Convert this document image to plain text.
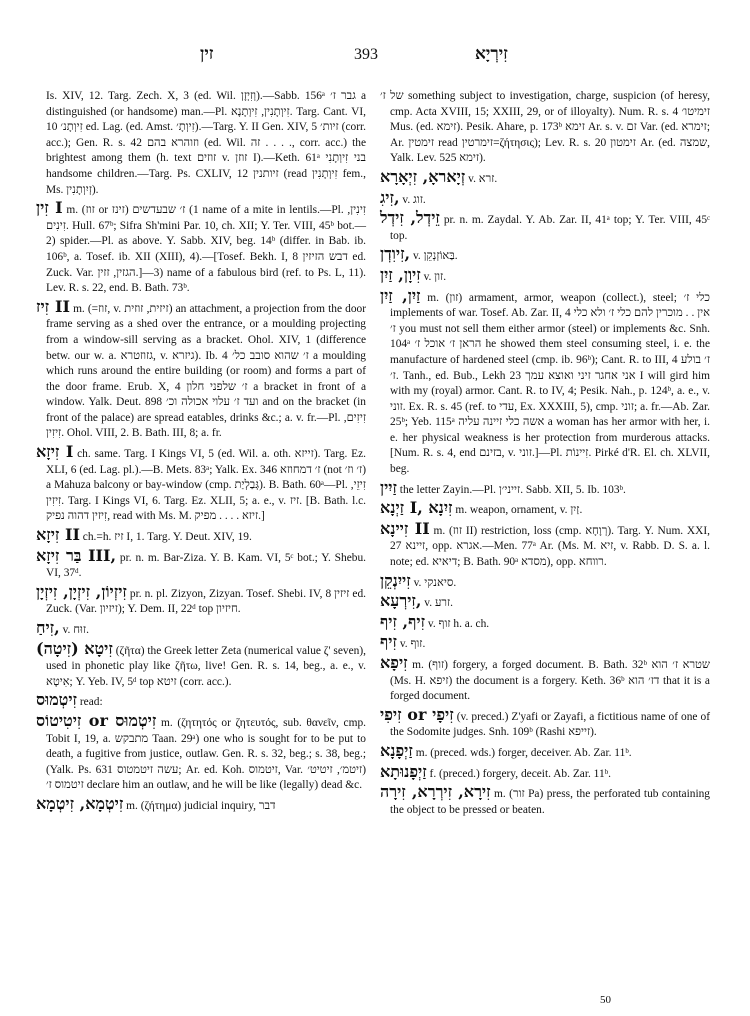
זין	393	זִירְיָא

Is. XIV, 12. Targ. Zech. X, 3 (ed. Wil. וְזִיְזָן).—Sabb. 156ᵃ גבר ז׳ a distinguished (or handsome) man.—Pl. זִיוְתָנִין, זִיוְתָנָא. Targ. Cant. VI, 10 זִיוְתָנ׳ ed. Lag. (ed. Amst. זִיוְתָ׳).—Targ. Y. II Gen. XIV, 5 זיות׳ (corr. acc.); Gen. R. s. 42 וזוהרא בהם (ed. Wil. זה . . . ., corr. acc.) the brightest among them (h. text זוזים v. זוזן I).—Keth. 61ᵃ בני זִיוְתָנִי handsome children.—Targ. Ps. CXLIV, 12 זיותנין (read זִיוְתָנִין fem., Ms. זְיִוְתָנִין).

זִין I m. (זוז or זינז) 1) ז׳ שבעדשים name of a mite in lentils.—Pl. זִינִין, זִינִים. Hull. 67ᵇ; Sifra Sh'mini Par. 10, ch. XII; Y. Ter. VIII, 45ᵇ bot.—2) spider.—Pl. as above. Y. Sabb. XIV, beg. 14ᵇ (differ. in Bab. ib. 106ᵇ, a. Tosef. ib. XII (XIII), 4).—[Tosef. Bekh. I, 8 דבש הזיזין ed. Zuck. Var. הגזין, זזין.]—3) name of a fabulous bird (ref. to Ps. L, 11). Lev. R. s. 22, end. B. Bath. 73ᵇ.

זִיז II m. (=זוז, v. זיזית, זוזית) an attachment, a projection from the door frame serving as a shed over the entrance, or a moulding projecting from a window-sill serving as a bracket. Ohol. XIV, 1 (difference betw. our w. a. גזוזטרא, v. גיזרא). Ib. 4 ז׳ שהוא סובב כל׳ a moulding which runs around the entire building (or room) and forms a part of the door frame. Erub. X, 4 ז׳ שלפני חלון a bracket in front of a window. Yalk. Deut. 898 ועד ז׳ עלוי אכולה וכ׳ and on the bracket (in front of the palace) are spread eatables, drinks &c.; a. v. fr.—Pl. זִיזִים, זִיזִין. Ohol. VIII, 2. B. Bath. III, 8; a. fr.

זִיזָא I ch. same. Targ. I Kings VI, 5 (ed. Wil. a. oth. זייזא). Targ. Ez. XLI, 6 (ed. Lag. pl.).—B. Mets. 83ᵃ; Yalk. Ex. 346 ז׳ דמחוזא (not ז׳ וז׳) a Mahuza balcony or bay-window (cmp. גְּבַלְיַת). B. Bath. 60ᵃ—Pl. זִיזֵי, זִיזִין. Targ. I Kings VI, 6. Targ. Ez. XLII, 5; a. e., v. זיז. [B. Bath. l.c. זִיזין דהוה נפיק, read with Ms. M. זיזא . . . . מפיק.]

זִיזָא II ch.=h. זיז I, 1. Targ. Y. Deut. XIV, 19.

בַּר זִיזָא III, pr. n. m. Bar-Ziza. Y. B. Kam. VI, 5ᶜ bot.; Y. Shebu. VI, 37ᵈ.

זִיזְיוֹן, זִיזְיָן, זִיזְיָן pr. n. pl. Zizyon, Zizyan. Tosef. Shebi. IV, 8 זיזין ed. Zuck. (Var. זיזיון); Y. Dem. II, 22ᵈ top חיזיון.

זִיחַ, v. זוּח.

זִיטָא (זִיטָה) (ζῆτα) the Greek letter Zeta (numerical value ζ' seven), used in phonetic play like ζῆτω, live! Gen. R. s. 14, beg., a. e., v. אִיטָא; Y. Yeb. IV, 5ᵈ top זיטא (corr. acc.).

זִיטְמוּס read:

זִיטִיטוֹס or זִיטְמוּס m. (ζητητός or ζητευτός, sub. θανεῖν, cmp. Tobit I, 19, a. מתבקש Taan. 29ᵃ) one who is sought for to be put to death, a fugitive from justice, outlaw. Gen. R. s. 32, beg.; s. 38, beg.; (Yalk. Ps. 631 עשה זיטמטוס; Ar. ed. Koh. זיטמוס, Var. זיטמ׳, זיטיט׳) זיטמוס ז׳ declare him an outlaw, and he will be like (legally) dead &c.

זִיטְמָא, זִיטְמָא m. (ζήτημα) judicial inquiry, דבר

של ז׳ something subject to investigation, charge, suspicion (of heresy, cmp. Acta XVIII, 15; XXIII, 29, or of illoyalty). Num. R. s. 4 זימיטו׳ Mus. (ed. זימא). Pesik. Ahare, p. 173ᵇ זימא Ar. s. v. זם Var. (ed. זימרא; Ar. זימטין read זימרטין=ζήτησις); Lev. R. s. 20 זימטון Ar. (ed. שמצה, Yalk. Lev. 525 זימא).

זְיָאראָ, זִיְאָרָא v. זרא.

זִיגִ, v. זוג.

זֵידְל, זִידְל pr. n. m. Zaydal. Y. Ab. Zar. II, 41ᵃ top; Y. Ter. VIII, 45ᶜ top.

זִיוִדְן, v. בַּאוֹזְנְקֵן.

זִיוָן, זַיִן v. זון.

זַיִן, זַיִן m. (זון) armament, armor, weapon (collect.), steel; כלי ז׳ implements of war. Tosef. Ab. Zar. II, 4 אין . . מוכרין להם כלי ז׳ ולא כלי ז׳ you must not sell them either armor (steel) or implements &c. Snh. 104ᵃ הראן ז׳ אוכל ז׳ he showed them steel consuming steel, i. e. the manufacture of hardened steel (cmp. ib. 96ᵇ); Cant. R. to III, 4 ז׳ בולע ז׳. Tanh., ed. Bub., Lekh 23 אני אחגר זיני ואוצא עמך I will gird him with my (royal) armor. Cant. R. to IV, 4; Pesik. Nah., p. 124ᵇ, a. e., v. זוני. Ex. R. s. 45 (ref. to עדי, Ex. XXXIII, 5), cmp. זוני; a. fr.—Ab. Zar. 25ᵇ; Yeb. 115ᵃ אשה כלי זיינה עליה a woman has her armor with her, i. e. her physical weakness is her protection from murderous attacks. [Num. R. s. 4, end בזינם, v. זוני.]—Pl. זִיינוֹת. Pirké d'R. El. ch. XLVII, beg.

זַיִין the letter Zayin.—Pl. זייני׳ן. Sabb. XII, 5. Ib. 103ᵇ.

זַיְנָא I, זִיִנָא m. weapon, ornament, v. זַיִן.

זִיינָא II m. (זוז II) restriction, loss (cmp. רְוָחָא). Targ. Y. Num. XXI, 27 זיינא, opp. אגרא.—Men. 77ᵃ Ar. (Ms. M. זיא, v. Rabb. D. S. a. l. note; ed. דיאיא; B. Bath. 90ᵃ מסדא), opp. רווחא.

זִייִנְקֵן v. סיאנקי.

זִירְעָא, v. זרע.

זִיף, זִיף v. זוף h. a. ch.

זִיף v. זוף.

זִיפָא m. (זוף) forgery, a forged document. B. Bath. 32ᵇ שטרא ז׳ הוא (Ms. H. זיפא) the document is a forgery. Keth. 36ᵇ דז׳ הוא that it is a forged document.

זִיפִי or זִיפָי (v. preced.) Z'yafi or Zayafi, a fictitious name of one of the Sodomite judges. Snh. 109ᵇ (Rashi זייפא).

זַיְפָנָא m. (preced. wds.) forger, deceiver. Ab. Zar. 11ᵇ.

זַיְפָנוּתָא f. (preced.) forgery, deceit. Ab. Zar. 11ᵇ.

זִירָא, זִירְרָא, זִירָה m. (זור Pa) press, the perforated tub containing the object to be pressed or beaten.

50
